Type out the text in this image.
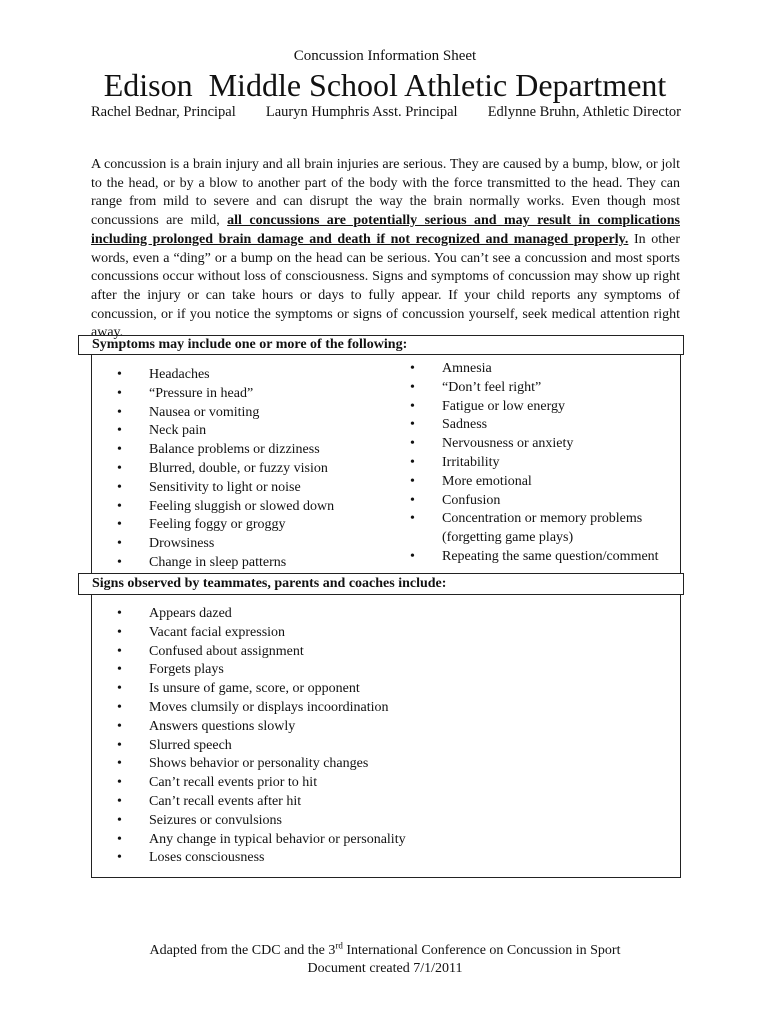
Concussion Information Sheet
Edison  Middle School Athletic Department
Rachel Bednar, Principal Lauryn Humphris Asst. Principal Edlynne Bruhn, Athletic Director

A concussion is a brain injury and all brain injuries are serious. They are caused by a bump, blow, or jolt to the head, or by a blow to another part of the body with the force transmitted to the head. They can range from mild to severe and can disrupt the way the brain normally works. Even though most concussions are mild, all concussions are potentially serious and may result in complications including prolonged brain damage and death if not recognized and managed properly. In other words, even a “ding” or a bump on the head can be serious. You can’t see a concussion and most sports concussions occur without loss of consciousness. Signs and symptoms of concussion may show up right after the injury or can take hours or days to fully appear. If your child reports any symptoms of concussion, or if you notice the symptoms or signs of concussion yourself, seek medical attention right away.

Symptoms may include one or more of the following:
• Headaches
• “Pressure in head”
• Nausea or vomiting
• Neck pain
• Balance problems or dizziness
• Blurred, double, or fuzzy vision
• Sensitivity to light or noise
• Feeling sluggish or slowed down
• Feeling foggy or groggy
• Drowsiness
• Change in sleep patterns
• Amnesia
• “Don’t feel right”
• Fatigue or low energy
• Sadness
• Nervousness or anxiety
• Irritability
• More emotional
• Confusion
• Concentration or memory problems
(forgetting game plays)
• Repeating the same question/comment
Signs observed by teammates, parents and coaches include:
• Appears dazed
• Vacant facial expression
• Confused about assignment
• Forgets plays
• Is unsure of game, score, or opponent
• Moves clumsily or displays incoordination
• Answers questions slowly
• Slurred speech
• Shows behavior or personality changes
• Can’t recall events prior to hit
• Can’t recall events after hit
• Seizures or convulsions
• Any change in typical behavior or personality
• Loses consciousness
Adapted from the CDC and the 3rd International Conference on Concussion in Sport
Document created 7/1/2011
